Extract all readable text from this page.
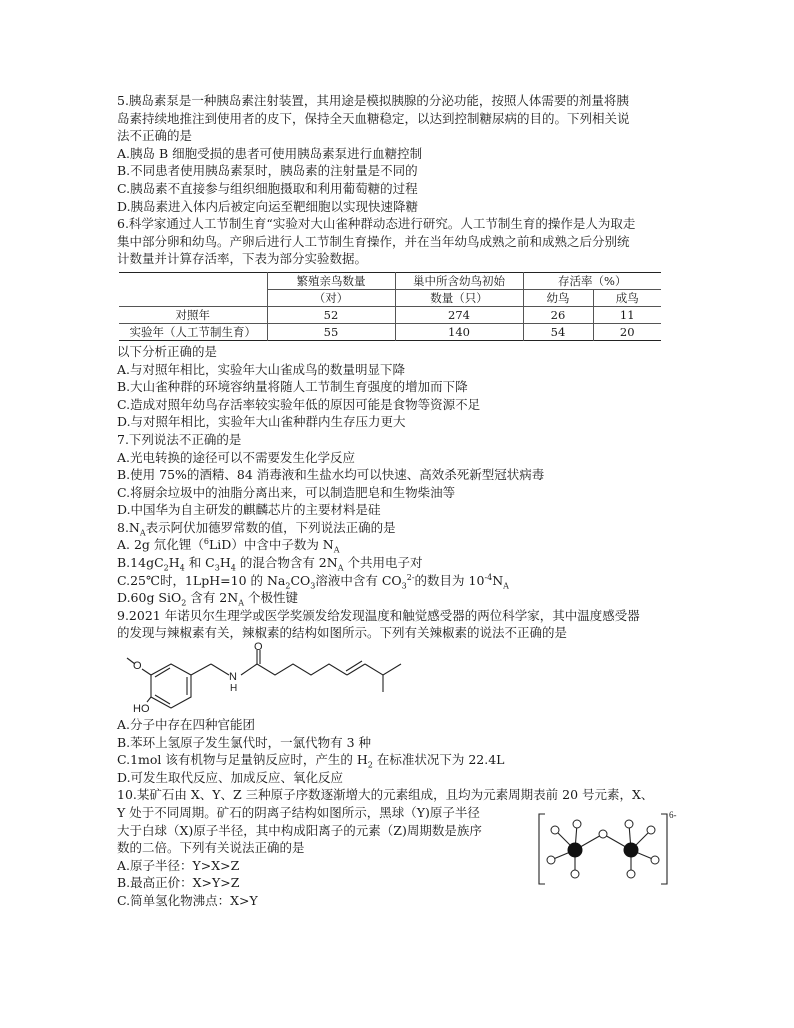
5.胰岛素泵是一种胰岛素注射装置，其用途是模拟胰腺的分泌功能，按照人体需要的剂量将胰
岛素持续地推注到使用者的皮下，保持全天血糖稳定，以达到控制糖尿病的目的。下列相关说
法不正确的是
A.胰岛 B 细胞受损的患者可使用胰岛素泵进行血糖控制
B.不同患者使用胰岛素泵时，胰岛素的注射量是不同的
C.胰岛素不直接参与组织细胞摄取和利用葡萄糖的过程
D.胰岛素进入体内后被定向运至靶细胞以实现快速降糖
6.科学家通过人工节制生育“实验对大山雀种群动态进行研究。人工节制生育的操作是人为取走
集中部分卵和幼鸟。产卵后进行人工节制生育操作，并在当年幼鸟成熟之前和成熟之后分别统
计数量并计算存活率，下表为部分实验数据。
	繁殖亲鸟数量	巢中所含幼鸟初始	存活率（%）	
	（对）	数量（只）	幼鸟	成鸟
对照年	52	274	26	11
实验年（人工节制生育）	55	140	54	20
以下分析正确的是
A.与对照年相比，实验年大山雀成鸟的数量明显下降
B.大山雀种群的环境容纳量将随人工节制生育强度的增加而下降
C.造成对照年幼鸟存活率较实验年低的原因可能是食物等资源不足
D.与对照年相比，实验年大山雀种群内生存压力更大
7.下列说法不正确的是
A.光电转换的途径可以不需要发生化学反应
B.使用 75%的酒精、84 消毒液和生盐水均可以快速、高效杀死新型冠状病毒
C.将厨余垃圾中的油脂分离出来，可以制造肥皂和生物柴油等
D.中国华为自主研发的麒麟芯片的主要材料是硅
$8.N_A$表示阿伏加德罗常数的值，下列说法正确的是
A. 2g 氘化锂（$^6$LiD）中含中子数为 $N_A$
$B.14gC_2H_4$ 和 $C_3H_4$ 的混合物含有 $2N_A$ 个共用电子对
C.25℃时，1LpH=10 的 $Na_2CO_3$溶液中含有 $CO_3^{2-}$的数目为 $10^{-4}N_A$
D.60g SiO$_2$ 含有 $2N_A$ 个极性键
9.2021 年诺贝尔生理学或医学奖颁发给发现温度和触觉感受器的两位科学家，其中温度感受器
的发现与辣椒素有关，辣椒素的结构如图所示。下列有关辣椒素的说法不正确的是
O
O
N
H
HO
A.分子中存在四种官能团
B.苯环上氢原子发生氯代时，一氯代物有 3 种
C.1mol 该有机物与足量钠反应时，产生的 $H_2$ 在标准状况下为 22.4L
D.可发生取代反应、加成反应、氧化反应
10.某矿石由 X、Y、Z 三种原子序数逐渐增大的元素组成，且均为元素周期表前 20 号元素，X、
Y 处于不同周期。矿石的阴离子结构如图所示，黑球（Y)原子半径
大于白球（X)原子半径，其中构成阳离子的元素（Z)周期数是族序
数的二倍。下列有关说法正确的是
A.原子半径：Y>X>Z
B.最高正价：X>Y>Z
C.简单氢化物沸点：X>Y
6-
